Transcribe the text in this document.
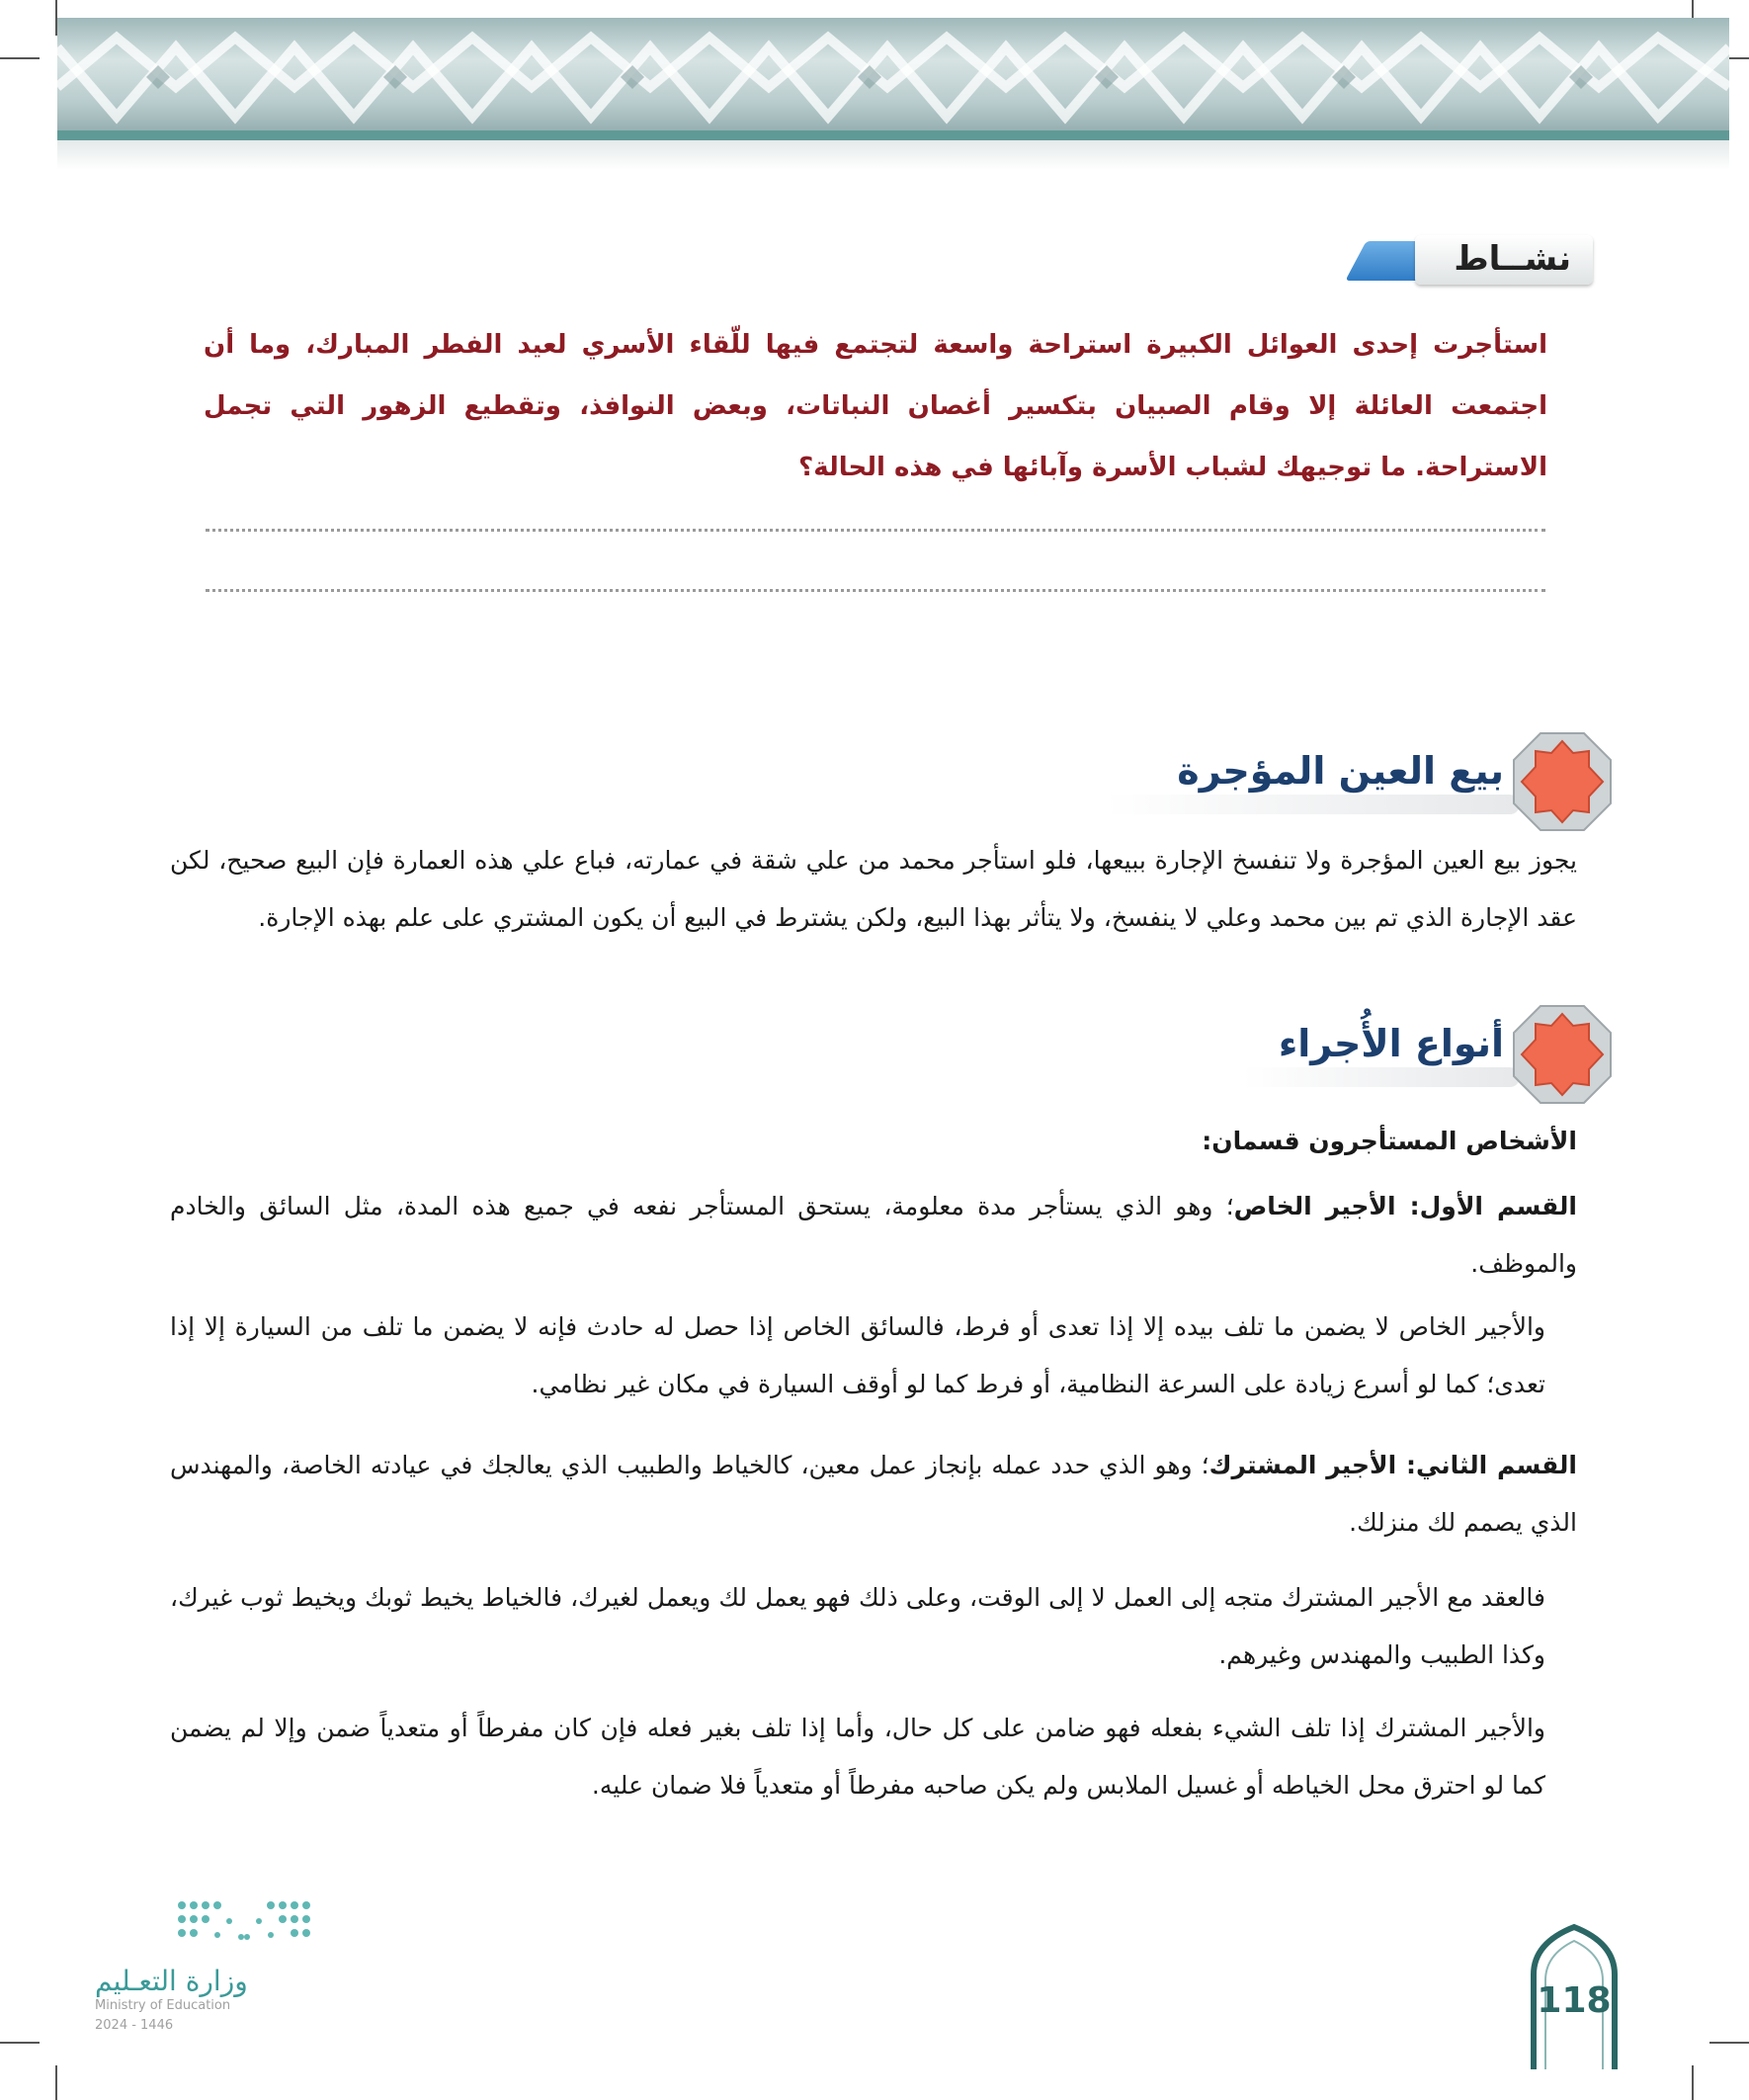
نشــاط
استأجرت إحدى العوائل الكبيرة استراحة واسعة لتجتمع فيها للّقاء الأسري لعيد الفطر المبارك، وما أن اجتمعت العائلة إلا وقام الصبيان بتكسير أغصان النباتات، وبعض النوافذ، وتقطيع الزهور التي تجمل الاستراحة. ما توجيهك لشباب الأسرة وآبائها في هذه الحالة؟
بيع العين المؤجرة
يجوز بيع العين المؤجرة ولا تنفسخ الإجارة ببيعها، فلو استأجر محمد من علي شقة في عمارته، فباع علي هذه العمارة فإن البيع صحيح، لكن عقد الإجارة الذي تم بين محمد وعلي لا ينفسخ، ولا يتأثر بهذا البيع، ولكن يشترط في البيع أن يكون المشتري على علم بهذه الإجارة.
أنواع الأُجراء
الأشخاص المستأجرون قسمان:
القسم الأول: الأجير الخاص؛ وهو الذي يستأجر مدة معلومة، يستحق المستأجر نفعه في جميع هذه المدة، مثل السائق والخادم والموظف.
والأجير الخاص لا يضمن ما تلف بيده إلا إذا تعدى أو فرط، فالسائق الخاص إذا حصل له حادث فإنه لا يضمن ما تلف من السيارة إلا إذا تعدى؛ كما لو أسرع زيادة على السرعة النظامية، أو فرط كما لو أوقف السيارة في مكان غير نظامي.
القسم الثاني: الأجير المشترك؛ وهو الذي حدد عمله بإنجاز عمل معين، كالخياط والطبيب الذي يعالجك في عيادته الخاصة، والمهندس الذي يصمم لك منزلك.
فالعقد مع الأجير المشترك متجه إلى العمل لا إلى الوقت، وعلى ذلك فهو يعمل لك ويعمل لغيرك، فالخياط يخيط ثوبك ويخيط ثوب غيرك، وكذا الطبيب والمهندس وغيرهم.
والأجير المشترك إذا تلف الشيء بفعله فهو ضامن على كل حال، وأما إذا تلف بغير فعله فإن كان مفرطاً أو متعدياً ضمن وإلا لم يضمن كما لو احترق محل الخياطه أو غسيل الملابس ولم يكن صاحبه مفرطاً أو متعدياً فلا ضمان عليه.
وزارة التعـليم
Ministry of Education
2024 - 1446
118
